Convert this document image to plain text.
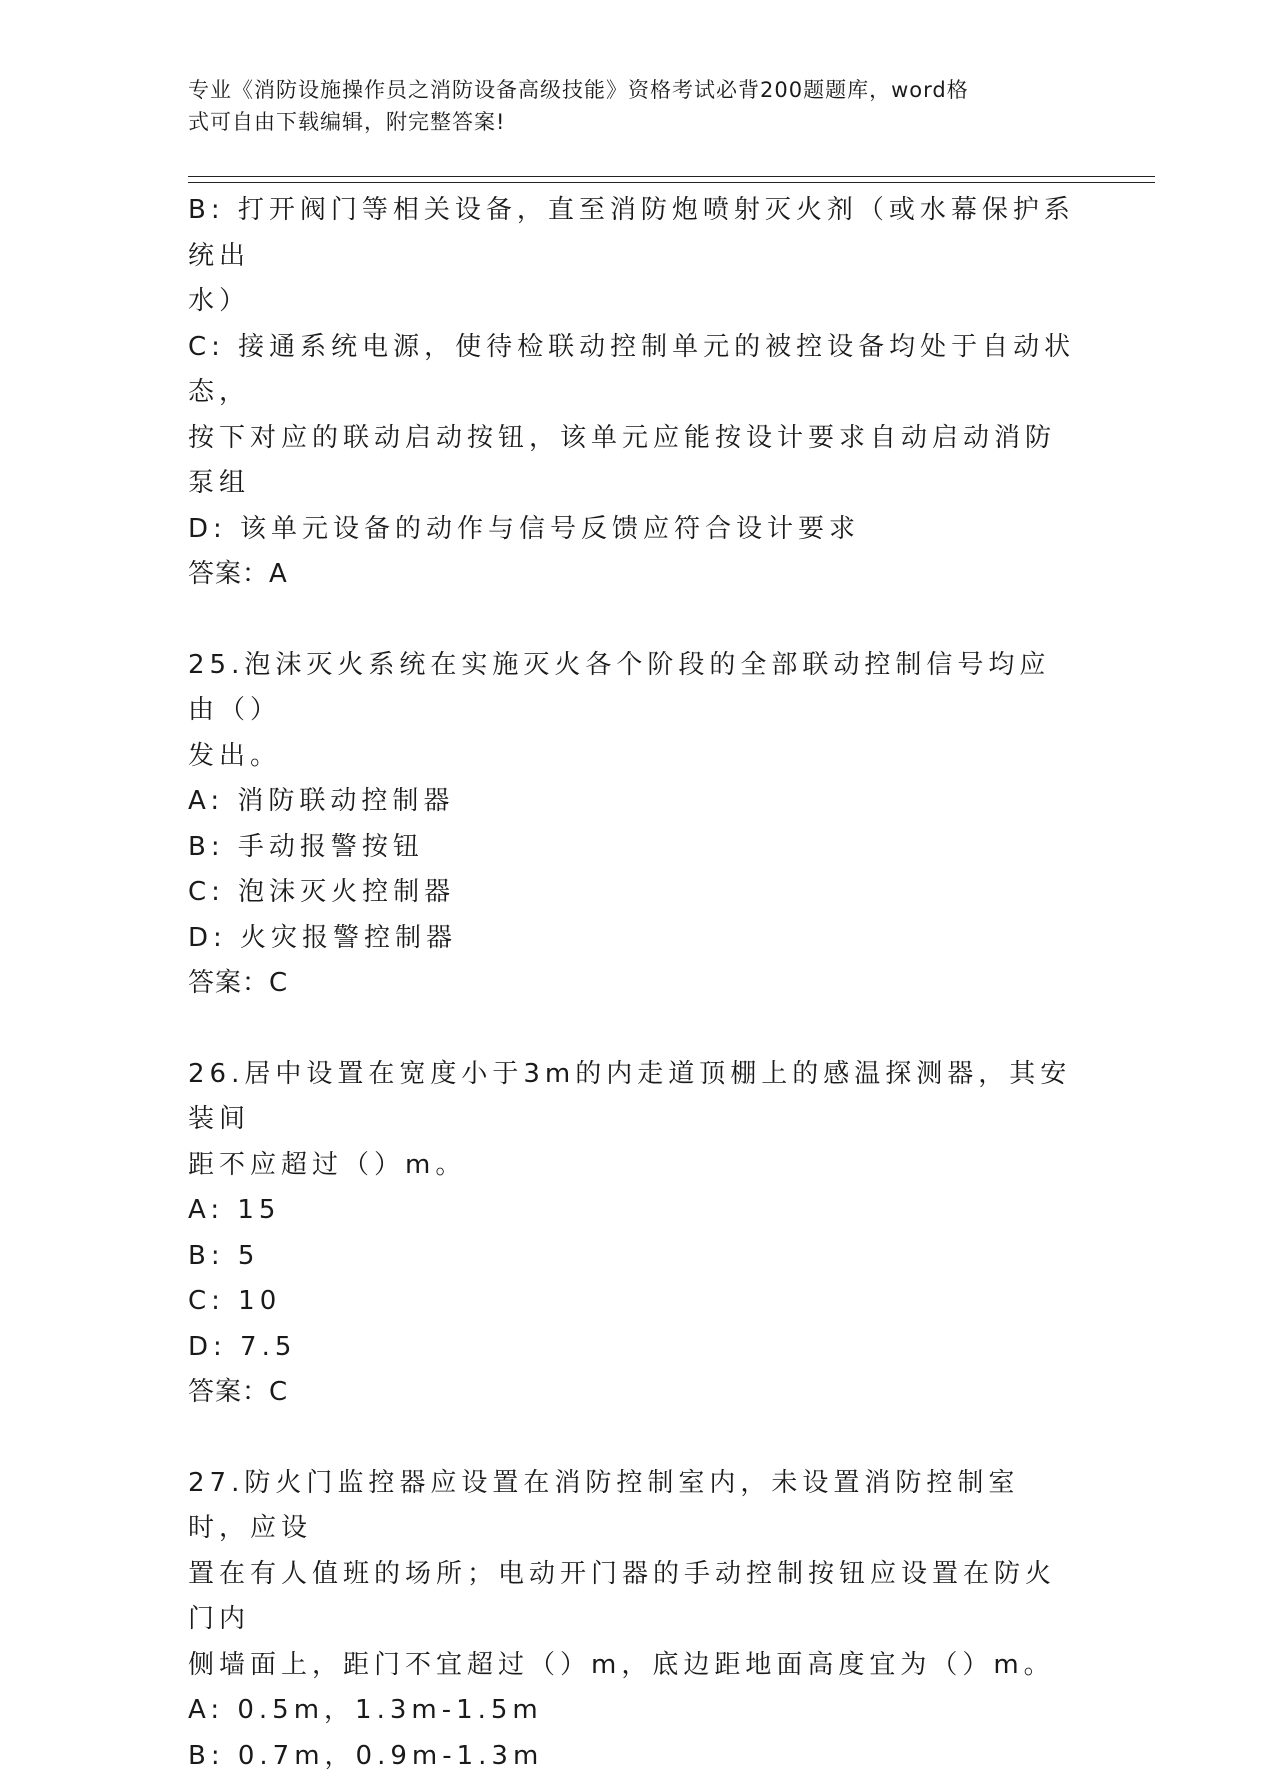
专业《消防设施操作员之消防设备高级技能》资格考试必背200题题库，word格
式可自由下载编辑，附完整答案!
B: 打开阀门等相关设备，直至消防炮喷射灭火剂（或水幕保护系统出
水）
C: 接通系统电源，使待检联动控制单元的被控设备均处于自动状态，
按下对应的联动启动按钮，该单元应能按设计要求自动启动消防泵组
D: 该单元设备的动作与信号反馈应符合设计要求
答案：A
25.泡沫灭火系统在实施灭火各个阶段的全部联动控制信号均应由（）
发出。
A: 消防联动控制器
B: 手动报警按钮
C: 泡沫灭火控制器
D: 火灾报警控制器
答案：C
26.居中设置在宽度小于3m的内走道顶棚上的感温探测器，其安装间
距不应超过（）m。
A: 15
B: 5
C: 10
D: 7.5
答案：C
27.防火门监控器应设置在消防控制室内，未设置消防控制室时，应设
置在有人值班的场所；电动开门器的手动控制按钮应设置在防火门内
侧墙面上，距门不宜超过（）m，底边距地面高度宜为（）m。
A: 0.5m，1.3m-1.5m
B: 0.7m，0.9m-1.3m
